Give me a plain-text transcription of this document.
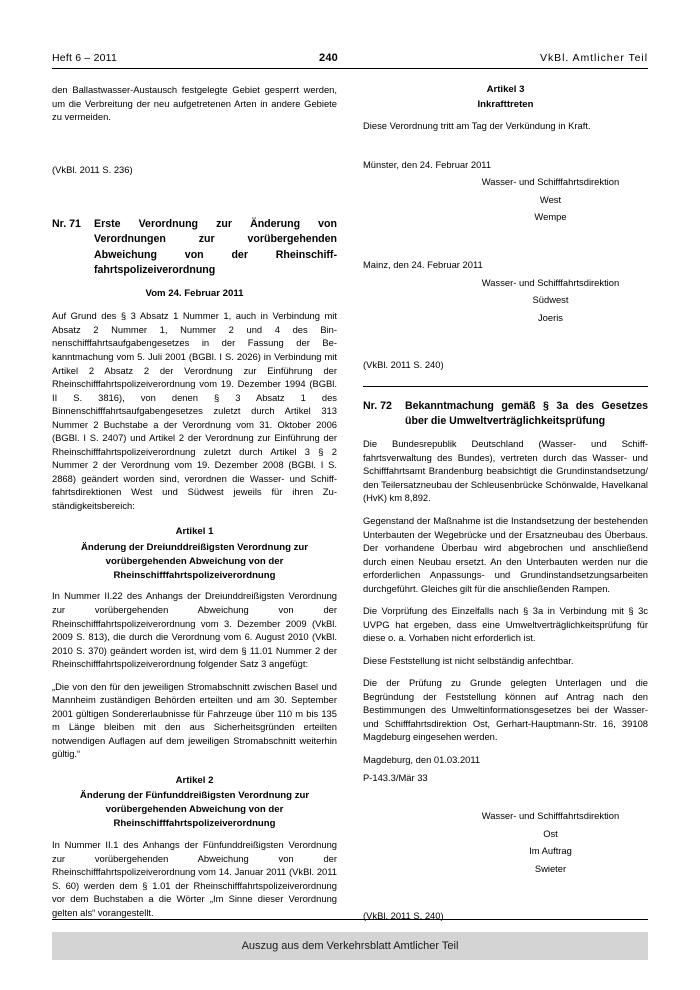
Heft 6 – 2011	240	VkBl. Amtlicher Teil

den Ballastwasser-Austausch festgelegte Gebiet gesperrt werden, um die Verbreitung der neu aufgetretenen Arten in andere Gebiete zu vermeiden.

(VkBl. 2011 S. 236)

Nr. 71	Erste Verordnung zur Änderung von Verordnungen zur vorübergehenden Abweichung von der Rheinschifffahrtspolizeiverordnung
Vom 24. Februar 2011

Auf Grund des § 3 Absatz 1 Nummer 1, auch in Verbindung mit Absatz 2 Nummer 1, Nummer 2 und 4 des Binnenschifffahrtsaufgabengesetzes in der Fassung der Bekanntmachung vom 5. Juli 2001 (BGBl. I S. 2026) in Verbindung mit Artikel 2 Absatz 2 der Verordnung zur Einführung der Rheinschifffahrtspolizeiverordnung vom 19. Dezember 1994 (BGBl. II S. 3816), von denen § 3 Absatz 1 des Binnenschifffahrtsaufgabengesetzes zuletzt durch Artikel 313 Nummer 2 Buchstabe a der Verordnung vom 31. Oktober 2006 (BGBl. I S. 2407) und Artikel 2 der Verordnung zur Einführung der Rheinschifffahrtspolizeiverordnung zuletzt durch Artikel 3 § 2 Nummer 2 der Verordnung vom 19. Dezember 2008 (BGBl. I S. 2868) geändert worden sind, verordnen die Wasser- und Schifffahrtsdirektionen West und Südwest jeweils für ihren Zuständigkeitsbereich:

Artikel 1
Änderung der Dreiunddreißigsten Verordnung zur vorübergehenden Abweichung von der Rheinschifffahrtspolizeiverordnung

In Nummer II.22 des Anhangs der Dreiunddreißigsten Verordnung zur vorübergehenden Abweichung von der Rheinschifffahrtspolizeiverordnung vom 3. Dezember 2009 (VkBl. 2009 S. 813), die durch die Verordnung vom 6. August 2010 (VkBl. 2010 S. 370) geändert worden ist, wird dem § 11.01 Nummer 2 der Rheinschifffahrtspolizeiverordnung folgender Satz 3 angefügt:

„Die von den für den jeweiligen Stromabschnitt zwischen Basel und Mannheim zuständigen Behörden erteilten und am 30. September 2001 gültigen Sondererlaubnisse für Fahrzeuge über 110 m bis 135 m Länge bleiben mit den aus Sicherheitsgründen erteilten notwendigen Auflagen auf dem jeweiligen Stromabschnitt weiterhin gültig.“

Artikel 2
Änderung der Fünfunddreißigsten Verordnung zur vorübergehenden Abweichung von der Rheinschifffahrtspolizeiverordnung

In Nummer II.1 des Anhangs der Fünfunddreißigsten Verordnung zur vorübergehenden Abweichung von der Rheinschifffahrtspolizeiverordnung vom 14. Januar 2011 (VkBl. 2011 S. 60) werden dem § 1.01 der Rheinschifffahrtspolizeiverordnung vor dem Buchstaben a die Wörter „Im Sinne dieser Verordnung gelten als“ vorangestellt.

Artikel 3
Inkrafttreten

Diese Verordnung tritt am Tag der Verkündung in Kraft.

Münster, den 24. Februar 2011

Wasser- und Schifffahrtsdirektion

West

Wempe

Mainz, den 24. Februar 2011

Wasser- und Schifffahrtsdirektion

Südwest

Joeris

(VkBl. 2011 S. 240)

Nr. 72	Bekanntmachung gemäß § 3a des Gesetzes über die Umweltverträglichkeitsprüfung

Die Bundesrepublik Deutschland (Wasser- und Schifffahrtsverwaltung des Bundes), vertreten durch das Wasser- und Schifffahrtsamt Brandenburg beabsichtigt die Grundinstandsetzung/ den Teilersatzneubau der Schleusenbrücke Schönwalde, Havelkanal (HvK) km 8,892.

Gegenstand der Maßnahme ist die Instandsetzung der bestehenden Unterbauten der Wegebrücke und der Ersatzneubau des Überbaus. Der vorhandene Überbau wird abgebrochen und anschließend durch einen Neubau ersetzt. An den Unterbauten werden nur die erforderlichen Anpassungs- und Grundinstandsetzungsarbeiten durchgeführt. Gleiches gilt für die anschließenden Rampen.

Die Vorprüfung des Einzelfalls nach § 3a in Verbindung mit § 3c UVPG hat ergeben, dass eine Umweltverträglichkeitsprüfung für diese o. a. Vorhaben nicht erforderlich ist.

Diese Feststellung ist nicht selbständig anfechtbar.

Die der Prüfung zu Grunde gelegten Unterlagen und die Begründung der Feststellung können auf Antrag nach den Bestimmungen des Umweltinformationsgesetzes bei der Wasser- und Schifffahrtsdirektion Ost, Gerhart-Hauptmann-Str. 16, 39108 Magdeburg eingesehen werden.

Magdeburg, den 01.03.2011

P-143.3/Mär 33

Wasser- und Schifffahrtsdirektion

Ost

Im Auftrag

Swieter

(VkBl. 2011 S. 240)

Auszug aus dem Verkehrsblatt Amtlicher Teil
